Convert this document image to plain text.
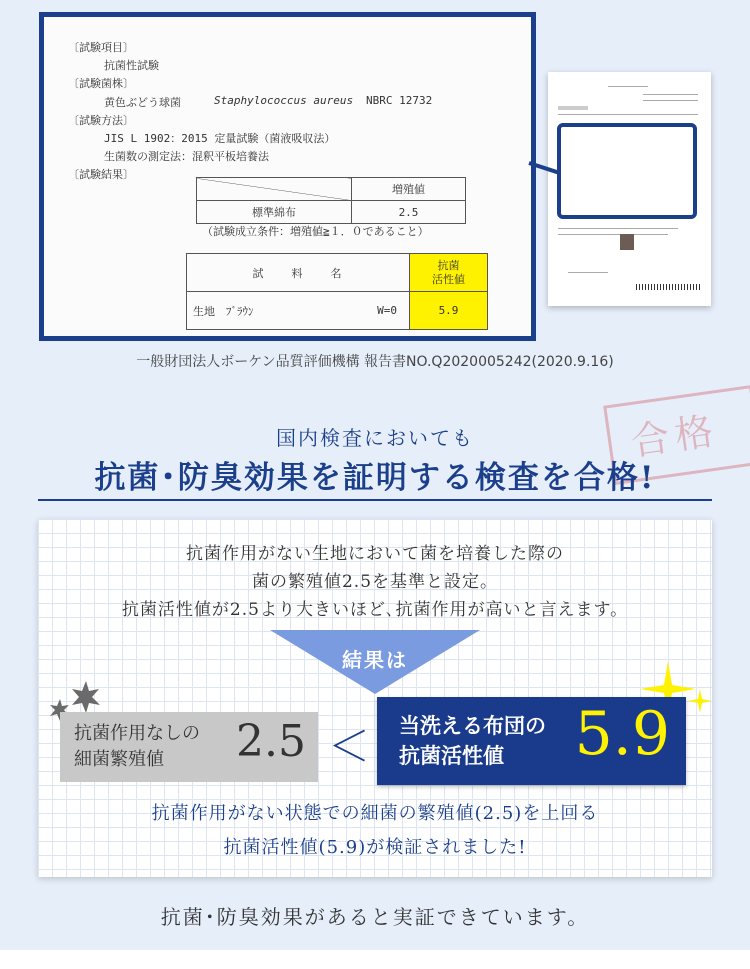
〔試験項目〕
抗菌性試験
〔試験菌株〕
黄色ぶどう球菌	Staphylococcus aureus NBRC 12732
〔試験方法〕
JIS L 1902：2015 定量試験（菌液吸収法）
生菌数の測定法：混釈平板培養法
〔試験結果〕
	増殖値
標準綿布	2.5
（試験成立条件：増殖値≧１．０であること）
試　　料　　名		抗菌
活性値

生地　ﾌﾞﾗｳﾝ	W=0	5.9
一般財団法人ボーケン品質評価機構 報告書NO.Q2020005242(2020.9.16)
合格
国内検査においても
抗菌･防臭効果を証明する検査を合格!
抗菌作用がない生地において菌を培養した際の
菌の繁殖値2.5を基準と設定。
抗菌活性値が2.5より大きいほど､抗菌作用が高いと言えます。
結果は
抗菌作用なしの
細菌繁殖値	2.5 ＜ 当洗える布団の
抗菌活性値	5.9
抗菌作用がない状態での細菌の繁殖値(2.5)を上回る
抗菌活性値(5.9)が検証されました!
抗菌･防臭効果があると実証できています。
